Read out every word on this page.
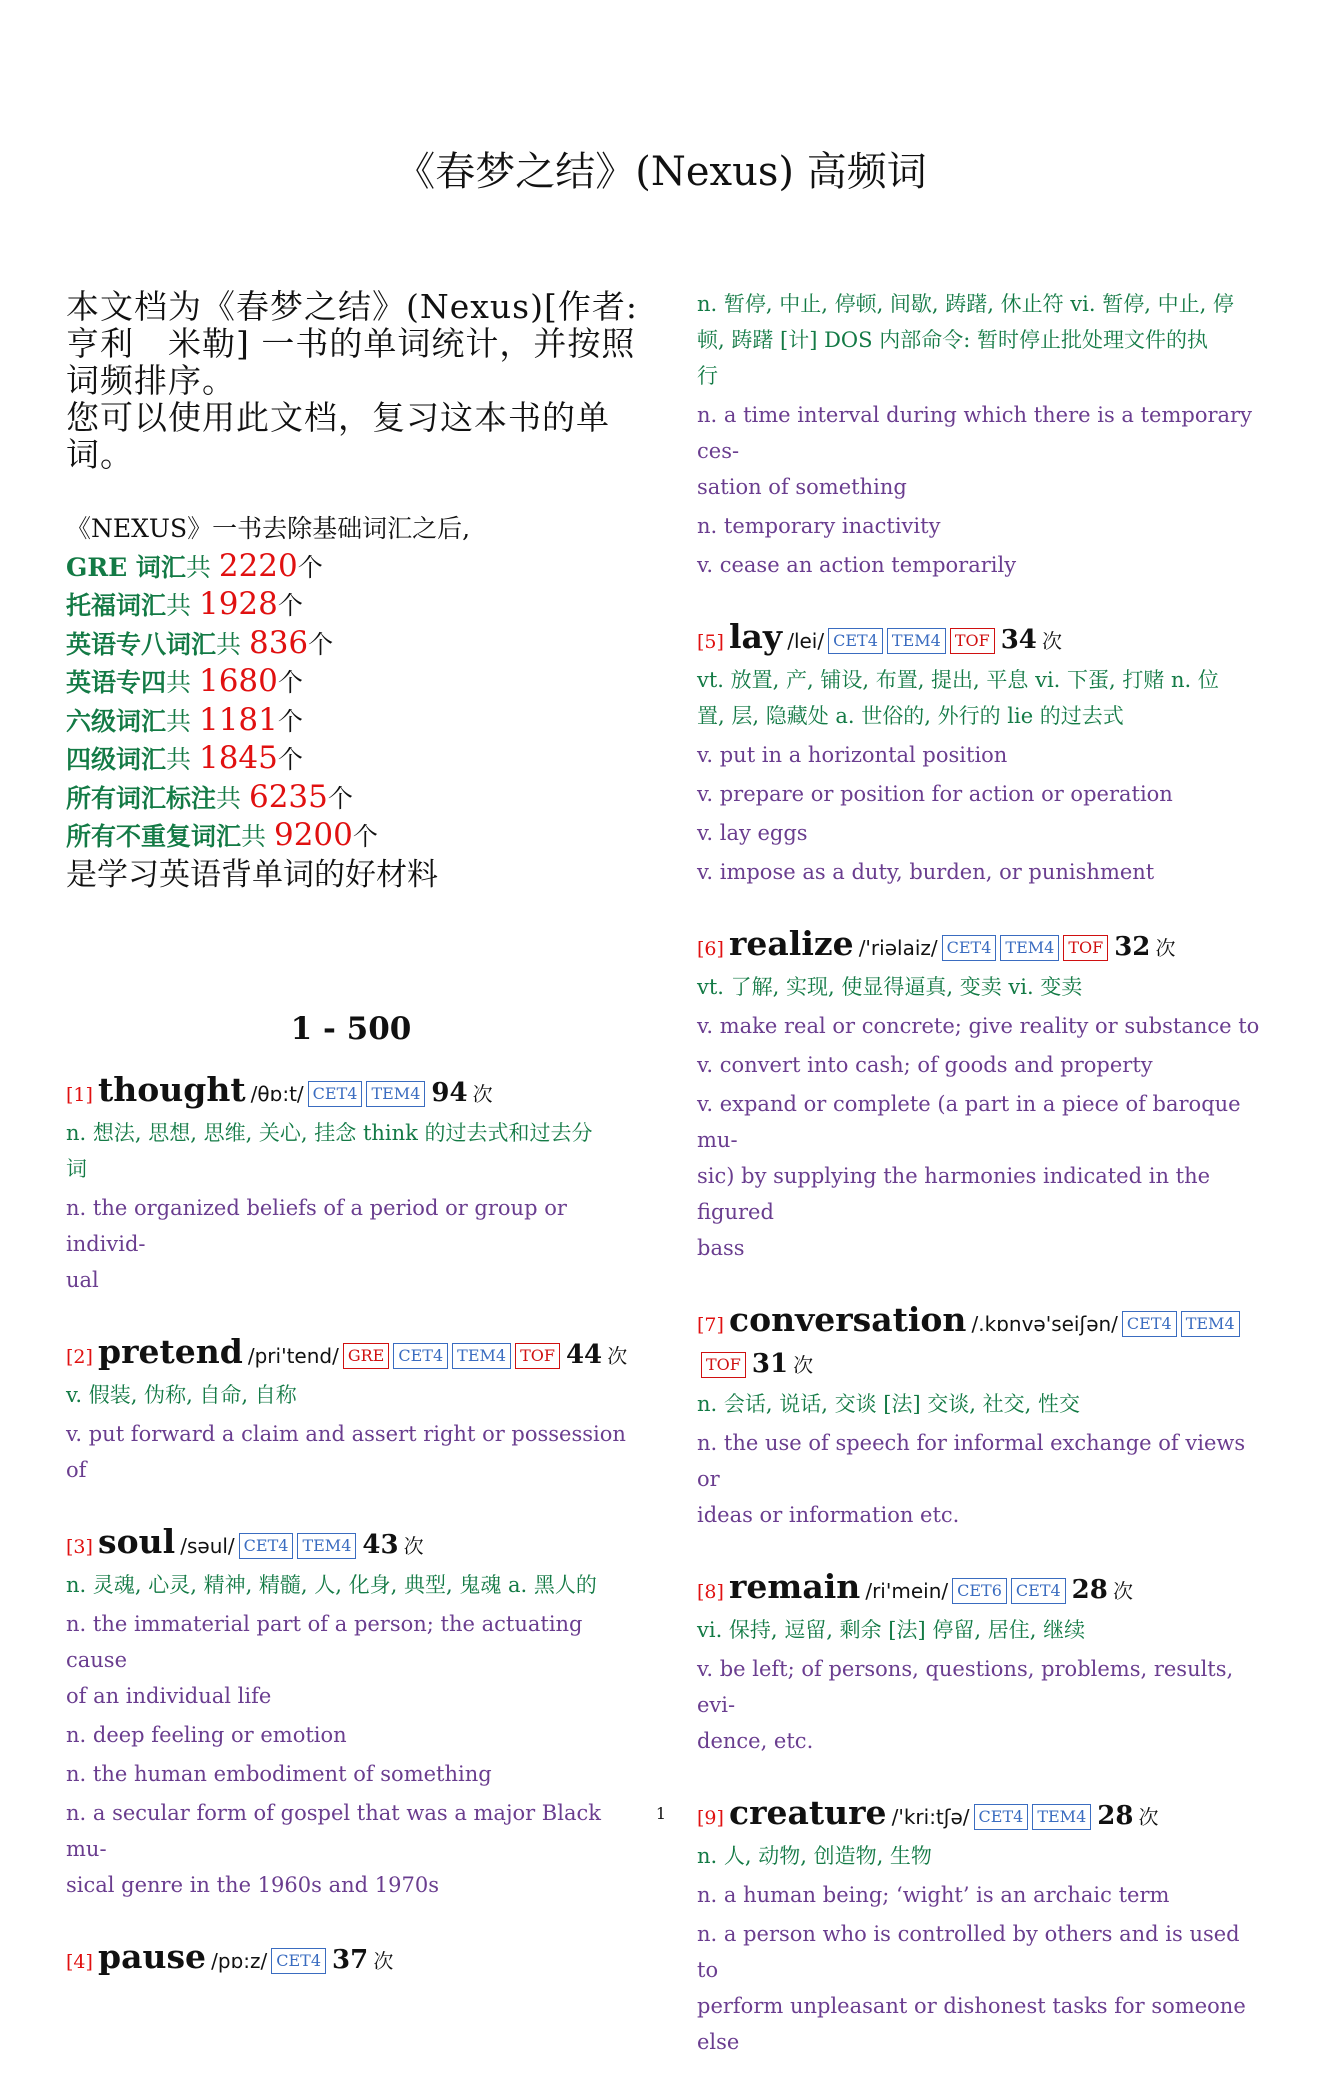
《春梦之结》(Nexus) 高频词
本文档为《春梦之结》(Nexus)[作者:
亨利　米勒] 一书的单词统计，并按照
词频排序。
您可以使用此文档，复习这本书的单
词。
《NEXUS》一书去除基础词汇之后,
GRE 词汇共 2220个
托福词汇共 1928个
英语专八词汇共 836个
英语专四共 1680个
六级词汇共 1181个
四级词汇共 1845个
所有词汇标注共 6235个
所有不重复词汇共 9200个
是学习英语背单词的好材料
1 - 500
[1] thought /θɒ:t/ CET4 TEM4 94 次
n. 想法, 思想, 思维, 关心, 挂念 think 的过去式和过去分
词
n. the organized beliefs of a period or group or individ-
ual
[2] pretend /pri'tend/ GRE CET4 TEM4 TOF 44 次
v. 假装, 伪称, 自命, 自称
v. put forward a claim and assert right or possession of
[3] soul /səul/ CET4 TEM4 43 次
n. 灵魂, 心灵, 精神, 精髓, 人, 化身, 典型, 鬼魂 a. 黑人的
n. the immaterial part of a person; the actuating cause
of an individual life
n. deep feeling or emotion
n. the human embodiment of something
n. a secular form of gospel that was a major Black mu-
sical genre in the 1960s and 1970s
[4] pause /pɒ:z/ CET4 37 次
n. 暂停, 中止, 停顿, 间歇, 踌躇, 休止符 vi. 暂停, 中止, 停
顿, 踌躇 [计] DOS 内部命令: 暂时停止批处理文件的执
行
n. a time interval during which there is a temporary ces-
sation of something
n. temporary inactivity
v. cease an action temporarily
[5] lay /lei/ CET4 TEM4 TOF 34 次
vt. 放置, 产, 铺设, 布置, 提出, 平息 vi. 下蛋, 打赌 n. 位
置, 层, 隐藏处 a. 世俗的, 外行的 lie 的过去式
v. put in a horizontal position
v. prepare or position for action or operation
v. lay eggs
v. impose as a duty, burden, or punishment
[6] realize /'riəlaiz/ CET4 TEM4 TOF 32 次
vt. 了解, 实现, 使显得逼真, 变卖 vi. 变卖
v. make real or concrete; give reality or substance to
v. convert into cash; of goods and property
v. expand or complete (a part in a piece of baroque mu-
sic) by supplying the harmonies indicated in the figured
bass
[7] conversation /.kɒnvə'seiʃən/ CET4 TEM4TOF 31 次
n. 会话, 说话, 交谈 [法] 交谈, 社交, 性交
n. the use of speech for informal exchange of views or
ideas or information etc.
[8] remain /ri'mein/ CET6 CET4 28 次
vi. 保持, 逗留, 剩余 [法] 停留, 居住, 继续
v. be left; of persons, questions, problems, results, evi-
dence, etc.
[9] creature /'kri:tʃə/ CET4 TEM4 28 次
n. 人, 动物, 创造物, 生物
n. a human being; ‘wight’ is an archaic term
n. a person who is controlled by others and is used to
perform unpleasant or dishonest tasks for someone else
1
